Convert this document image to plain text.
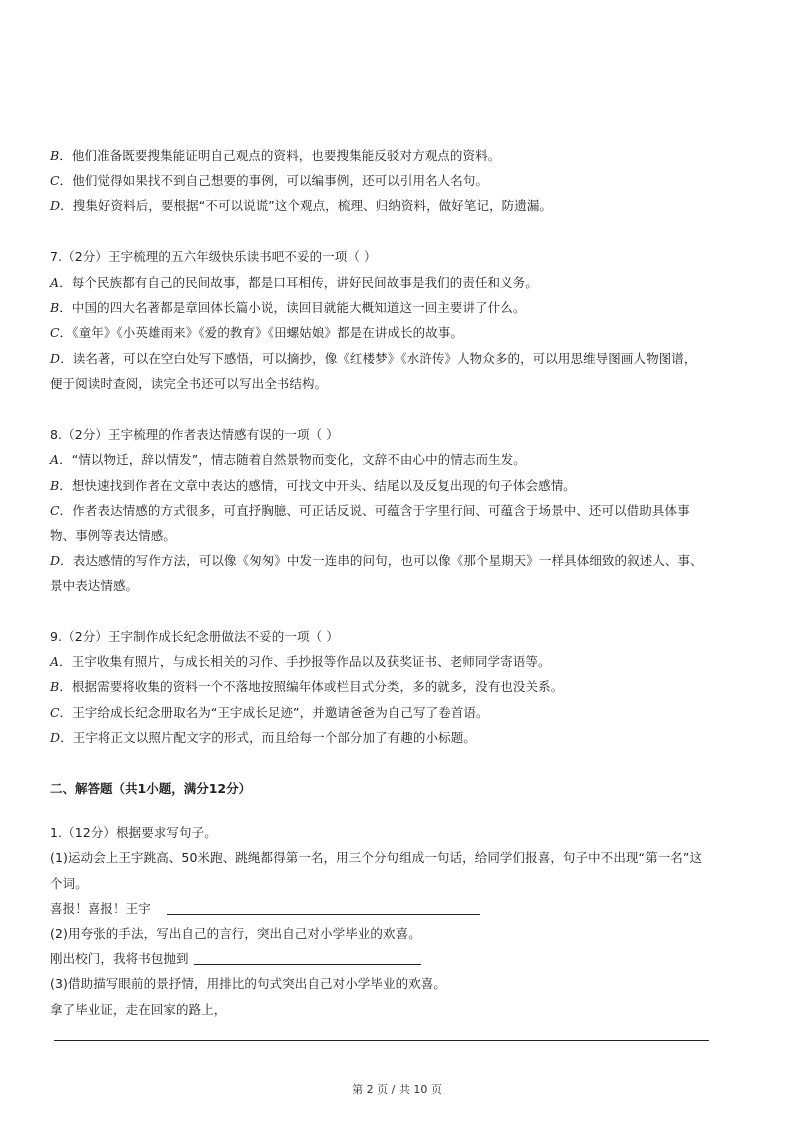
B．他们准备既要搜集能证明自己观点的资料，也要搜集能反驳对方观点的资料。
C．他们觉得如果找不到自己想要的事例，可以编事例，还可以引用名人名句。
D．搜集好资料后，要根据“不可以说谎”这个观点，梳理、归纳资料，做好笔记，防遗漏。
7.（2分）王宇梳理的五六年级快乐读书吧不妥的一项（ ）
A．每个民族都有自己的民间故事，都是口耳相传，讲好民间故事是我们的责任和义务。
B．中国的四大名著都是章回体长篇小说，读回目就能大概知道这一回主要讲了什么。
C．《童年》《小英雄雨来》《爱的教育》《田螺姑娘》都是在讲成长的故事。
D．读名著，可以在空白处写下感悟，可以摘抄，像《红楼梦》《水浒传》人物众多的，可以用思维导图画人物图谱，
便于阅读时查阅，读完全书还可以写出全书结构。
8.（2分）王宇梳理的作者表达情感有误的一项（ ）
A．“情以物迁，辞以情发”，情志随着自然景物而变化，文辞不由心中的情志而生发。
B．想快速找到作者在文章中表达的感情，可找文中开头、结尾以及反复出现的句子体会感情。
C．作者表达情感的方式很多，可直抒胸臆、可正话反说、可蕴含于字里行间、可蕴含于场景中、还可以借助具体事
物、事例等表达情感。
D．表达感情的写作方法，可以像《匆匆》中发一连串的问句，也可以像《那个星期天》一样具体细致的叙述人、事、
景中表达情感。
9.（2分）王宇制作成长纪念册做法不妥的一项（ ）
A．王宇收集有照片，与成长相关的习作、手抄报等作品以及获奖证书、老师同学寄语等。
B．根据需要将收集的资料一个不落地按照编年体或栏目式分类，多的就多，没有也没关系。
C．王宇给成长纪念册取名为“王宇成长足迹”，并邀请爸爸为自己写了卷首语。
D．王宇将正文以照片配文字的形式，而且给每一个部分加了有趣的小标题。
二、解答题（共1小题，满分12分）
1.（12分）根据要求写句子。
(1)运动会上王宇跳高、50米跑、跳绳都得第一名，用三个分句组成一句话，给同学们报喜，句子中不出现“第一名”这
个词。
喜报！喜报！王宇
(2)用夸张的手法，写出自己的言行，突出自己对小学毕业的欢喜。
刚出校门，我将书包抛到
(3)借助描写眼前的景抒情，用排比的句式突出自己对小学毕业的欢喜。
拿了毕业证，走在回家的路上，
第 2 页 / 共 10 页
